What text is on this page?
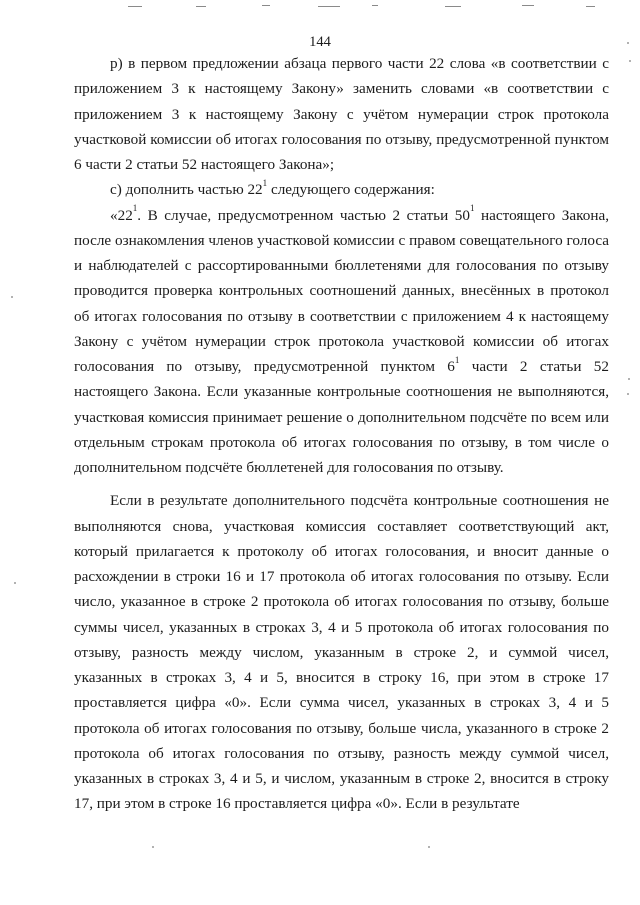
144

р) в первом предложении абзаца первого части 22 слова «в соответствии с приложением 3 к настоящему Закону» заменить словами «в соответствии с приложением 3 к настоящему Закону с учётом нумерации строк протокола участковой комиссии об итогах голосования по отзыву, предусмотренной пунктом 6 части 2 статьи 52 настоящего Закона»;

с) дополнить частью $22^1$ следующего содержания:

«$22^1$. В случае, предусмотренном частью 2 статьи $50^1$ настоящего Закона, после ознакомления членов участковой комиссии с правом совещательного голоса и наблюдателей с рассортированными бюллетенями для голосования по отзыву проводится проверка контрольных соотношений данных, внесённых в протокол об итогах голосования по отзыву в соответствии с приложением 4 к настоящему Закону с учётом нумерации строк протокола участковой комиссии об итогах голосования по отзыву, предусмотренной пунктом $6^1$ части 2 статьи 52 настоящего Закона. Если указанные контрольные соотношения не выполняются, участковая комиссия принимает решение о дополнительном подсчёте по всем или отдельным строкам протокола об итогах голосования по отзыву, в том числе о дополнительном подсчёте бюллетеней для голосования по отзыву.

Если в результате дополнительного подсчёта контрольные соотношения не выполняются снова, участковая комиссия составляет соответствующий акт, который прилагается к протоколу об итогах голосования, и вносит данные о расхождении в строки 16 и 17 протокола об итогах голосования по отзыву. Если число, указанное в строке 2 протокола об итогах голосования по отзыву, больше суммы чисел, указанных в строках 3, 4 и 5 протокола об итогах голосования по отзыву, разность между числом, указанным в строке 2, и суммой чисел, указанных в строках 3, 4 и 5, вносится в строку 16, при этом в строке 17 проставляется цифра «0». Если сумма чисел, указанных в строках 3, 4 и 5 протокола об итогах голосования по отзыву, больше числа, указанного в строке 2 протокола об итогах голосования по отзыву, разность между суммой чисел, указанных в строках 3, 4 и 5, и числом, указанным в строке 2, вносится в строку 17, при этом в строке 16 проставляется цифра «0». Если в результате
